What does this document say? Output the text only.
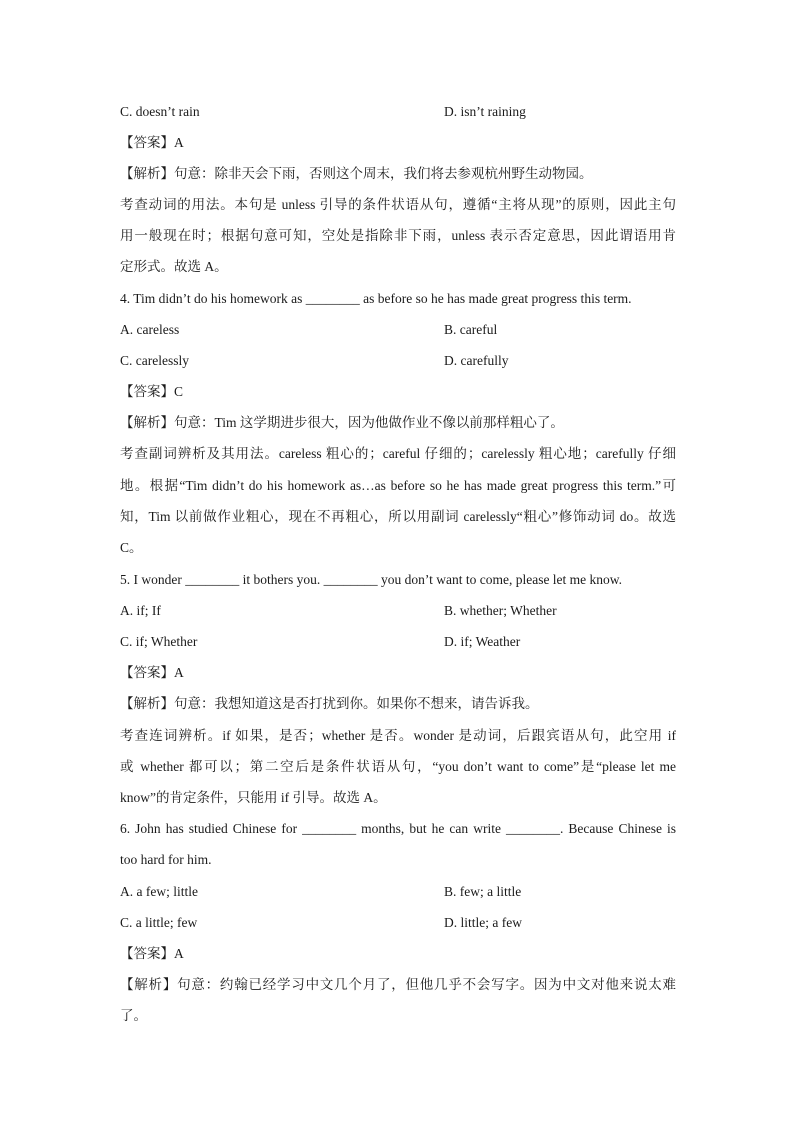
C. doesn’t rain	D. isn’t raining
【答案】A
【解析】句意：除非天会下雨，否则这个周末，我们将去参观杭州野生动物园。
考查动词的用法。本句是 unless 引导的条件状语从句，遵循“主将从现”的原则，因此主句
用一般现在时；根据句意可知，空处是指除非下雨，unless 表示否定意思，因此谓语用肯
定形式。故选 A。
4. Tim didn’t do his homework as ________ as before so he has made great progress this term.
A. careless	B. careful
C. carelessly	D. carefully
【答案】C
【解析】句意：Tim 这学期进步很大，因为他做作业不像以前那样粗心了。
考查副词辨析及其用法。careless 粗心的；careful 仔细的；carelessly 粗心地；carefully 仔细
地。根据“Tim didn’t do his homework as…as before so he has made great progress this term.”可
知，Tim 以前做作业粗心，现在不再粗心，所以用副词 carelessly“粗心”修饰动词 do。故选
C。
5. I wonder ________ it bothers you. ________ you don’t want to come, please let me know.
A. if; If	B. whether; Whether
C. if; Whether	D. if; Weather
【答案】A
【解析】句意：我想知道这是否打扰到你。如果你不想来，请告诉我。
考查连词辨析。if 如果，是否；whether 是否。wonder 是动词，后跟宾语从句，此空用 if
或 whether 都可以；第二空后是条件状语从句，“you don’t want to come”是“please let me
know”的肯定条件，只能用 if 引导。故选 A。
6. John has studied Chinese for ________ months, but he can write ________. Because Chinese is
too hard for him.
A. a few; little	B. few; a little
C. a little; few	D. little; a few
【答案】A
【解析】句意：约翰已经学习中文几个月了，但他几乎不会写字。因为中文对他来说太难
了。
